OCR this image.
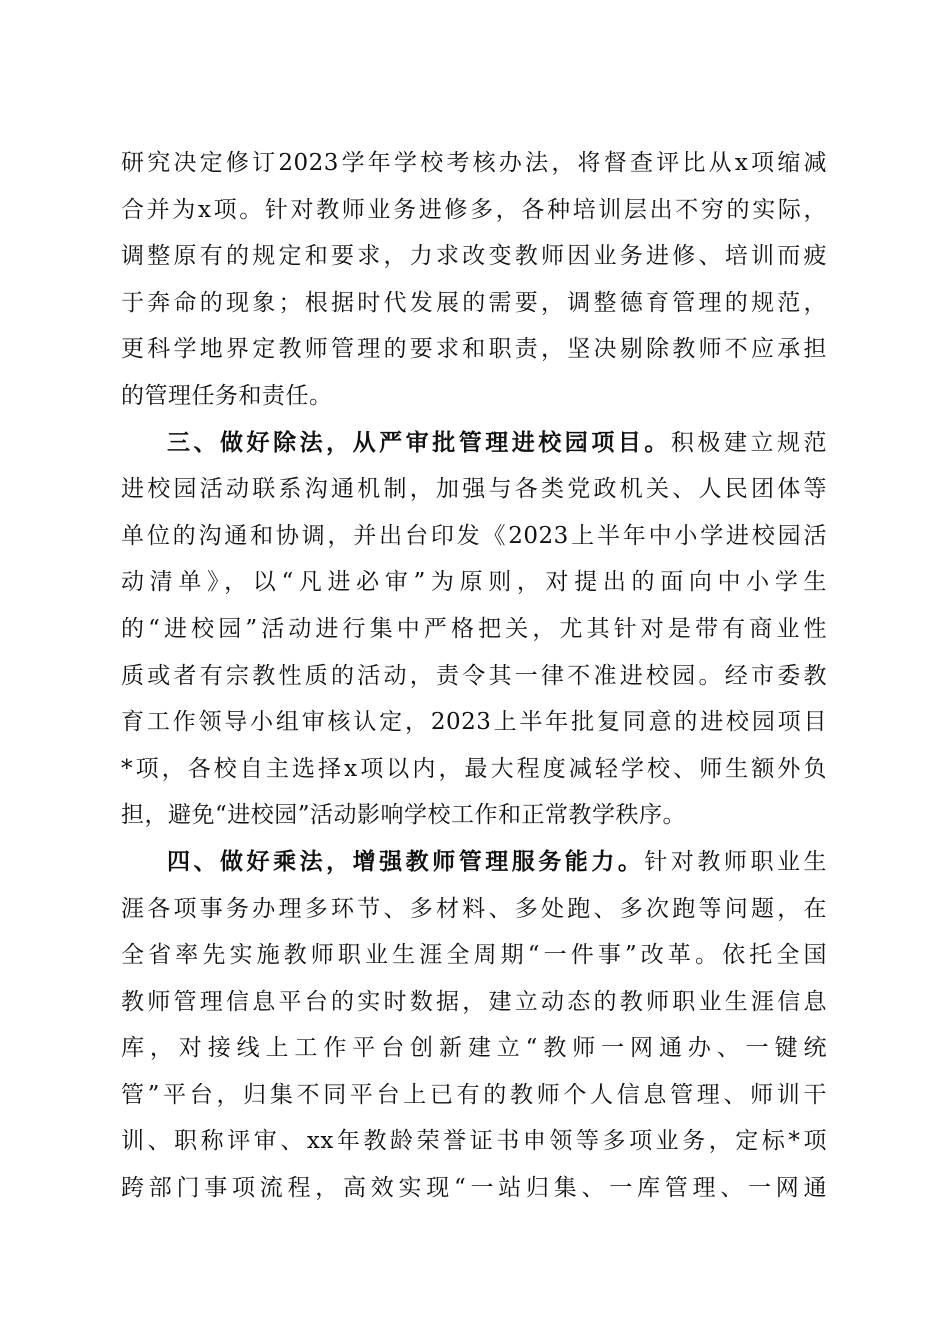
研究决定修订2023学年学校考核办法，将督查评比从x项缩减
合并为x项。针对教师业务进修多，各种培训层出不穷的实际，
调整原有的规定和要求，力求改变教师因业务进修、培训而疲
于奔命的现象；根据时代发展的需要，调整德育管理的规范，
更科学地界定教师管理的要求和职责，坚决剔除教师不应承担
的管理任务和责任。
三、做好除法，从严审批管理进校园项目。积极建立规范
进校园活动联系沟通机制，加强与各类党政机关、人民团体等
单位的沟通和协调，并出台印发《2023上半年中小学进校园活
动清单》，以“凡进必审”为原则，对提出的面向中小学生
的“进校园”活动进行集中严格把关，尤其针对是带有商业性
质或者有宗教性质的活动，责令其一律不准进校园。经市委教
育工作领导小组审核认定，2023上半年批复同意的进校园项目
*项，各校自主选择x项以内，最大程度减轻学校、师生额外负
担，避免“进校园”活动影响学校工作和正常教学秩序。
四、做好乘法，增强教师管理服务能力。针对教师职业生
涯各项事务办理多环节、多材料、多处跑、多次跑等问题，在
全省率先实施教师职业生涯全周期“一件事”改革。依托全国
教师管理信息平台的实时数据，建立动态的教师职业生涯信息
库，对接线上工作平台创新建立“教师一网通办、一键统
管”平台，归集不同平台上已有的教师个人信息管理、师训干
训、职称评审、xx年教龄荣誉证书申领等多项业务，定标*项
跨部门事项流程，高效实现“一站归集、一库管理、一网通
